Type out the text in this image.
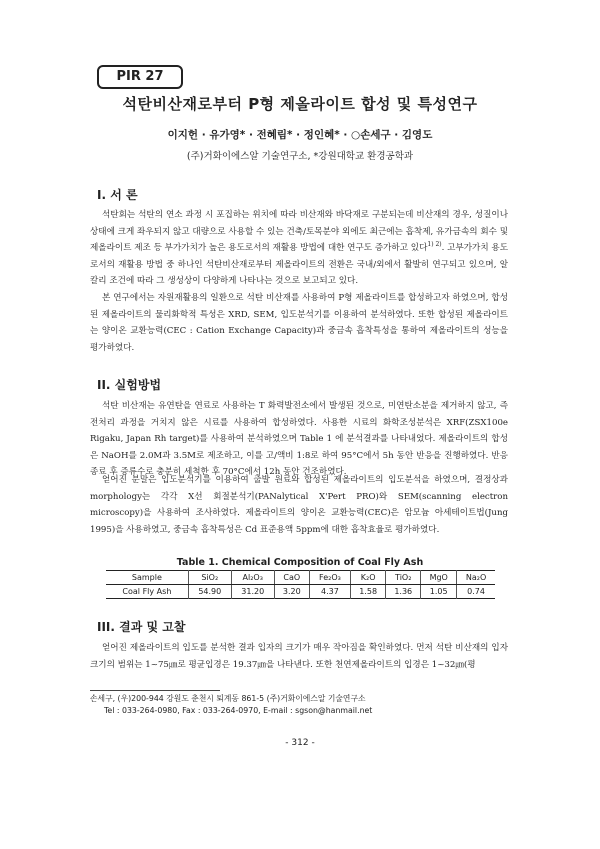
PIR 27
석탄비산재로부터 P형 제올라이트 합성 및 특성연구
이지헌 · 유가영* · 전혜림* · 정인혜* · ○손세구 · 김영도
(주)거화이에스알 기술연구소, *강원대학교 환경공학과
I. 서 론

석탄회는 석탄의 연소 과정 시 포집하는 위치에 따라 비산재와 바닥재로 구분되는데 비산재의 경우, 성질이나 상태에 크게 좌우되지 않고 대량으로 사용할 수 있는 건축/토목분야 외에도 최근에는 흡착제, 유가금속의 회수 및 제올라이트 제조 등 부가가치가 높은 용도로서의 재활용 방법에 대한 연구도 증가하고 있다$^{1) 2)}$. 고부가가치 용도로서의 재활용 방법 중 하나인 석탄비산재로부터 제올라이트의 전환은 국내/외에서 활발히 연구되고 있으며, 알칼리 조건에 따라 그 생성상이 다양하게 나타나는 것으로 보고되고 있다.

본 연구에서는 자원재활용의 일환으로 석탄 비산재를 사용하여 P형 제올라이트를 합성하고자 하였으며, 합성된 제올라이트의 물리화학적 특성은 XRD, SEM, 입도분석기를 이용하여 분석하였다. 또한 합성된 제올라이트는 양이온 교환능력(CEC : Cation Exchange Capacity)과 중금속 흡착특성을 통하여 제올라이트의 성능을 평가하였다.

II. 실험방법

석탄 비산재는 유연탄을 연료로 사용하는 T 화력발전소에서 발생된 것으로, 미연탄소분을 제거하지 않고, 즉 전처리 과정을 거치지 않은 시료를 사용하여 합성하였다. 사용한 시료의 화학조성분석은 XRF(ZSX100e Rigaku, Japan Rh target)를 사용하여 분석하였으며 Table 1 에 분석결과를 나타내었다. 제올라이트의 합성은 NaOH를 2.0M과 3.5M로 제조하고, 이를 고/액비 1:8로 하여 95°C에서 5h 동안 반응을 진행하였다. 반응 종료 후 증류수로 충분히 세척한 후 70°C에서 12h 동안 건조하였다.

얻어진 분말은 입도분석기를 이용하여 출발 원료와 합성된 제올라이트의 입도분석을 하였으며, 결정상과 morphology는 각각 X선 회절분석기(PANalytical X'Pert PRO)와 SEM(scanning electron microscopy)을 사용하여 조사하였다. 제올라이트의 양이온 교환능력(CEC)은 암모늄 아세테이트법(Jung 1995)을 사용하였고, 중금속 흡착특성은 Cd 표준용액 5ppm에 대한 흡착효율로 평가하였다.

Table 1. Chemical Composition of Coal Fly Ash
Sample	SiO₂	Al₂O₃	CaO	Fe₂O₃	K₂O	TiO₂	MgO	Na₂O
Coal Fly Ash	54.90	31.20	3.20	4.37	1.58	1.36	1.05	0.74
III. 결과 및 고찰

얻어진 제올라이트의 입도를 분석한 결과 입자의 크기가 매우 작아짐을 확인하였다. 먼저 석탄 비산재의 입자크기의 범위는 1~75㎛로 평균입경은 19.37㎛을 나타낸다. 또한 천연제올라이트의 입경은 1~32㎛(평

손세구, (우)200-944 강원도 춘천시 퇴계동 861-5 (주)거화이에스알 기술연구소
Tel : 033-264-0980, Fax : 033-264-0970, E-mail : sgson@hanmail.net
- 312 -
